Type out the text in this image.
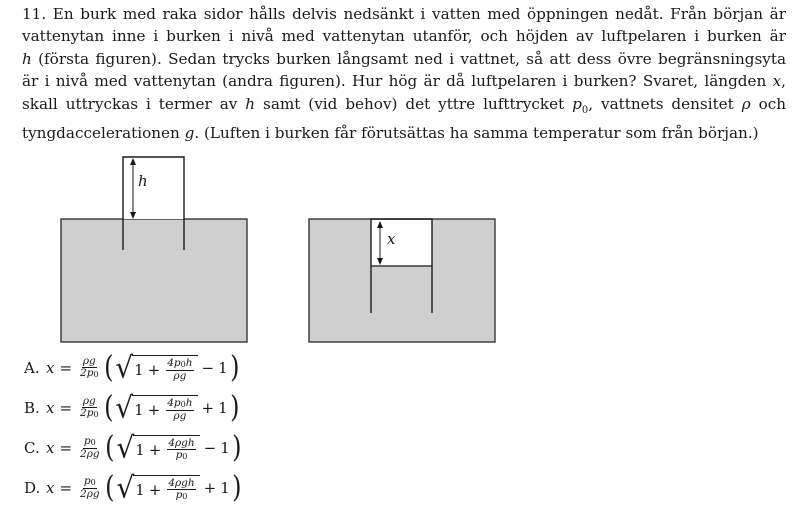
11. En burk med raka sidor hålls delvis nedsänkt i vatten med öppningen nedåt. Från början är
vattenytan inne i burken i nivå med vattenytan utanför, och höjden av luftpelaren i burken är
h (första figuren). Sedan trycks burken långsamt ned i vattnet, så att dess övre begränsningsyta
är i nivå med vattenytan (andra figuren). Hur hög är då luftpelaren i burken? Svaret, längden x,
skall uttryckas i termer av h samt (vid behov) det yttre lufttrycket $p_0$, vattnets densitet ρ och
tyngdaccelerationen g. (Luften i burken får förutsättas ha samma temperatur som från början.)
h
x
A. $x = \frac{\rho g}{2p0}$ ( √ $1 + \frac{4p0h}{\rho g} - 1$ )
B. $x = \frac{\rho g}{2p0}$ ( √ $1 + \frac{4p0h}{\rho g} + 1$ )
C. $x = \frac{p0}{2\rho g}$ ( √ $1 + \frac{\text{4ρgh}}{p0} - 1$ )
D. $x = \frac{p0}{2\rho g}$ ( √ $1 + \frac{\text{4ρgh}}{p0} + 1$ )
